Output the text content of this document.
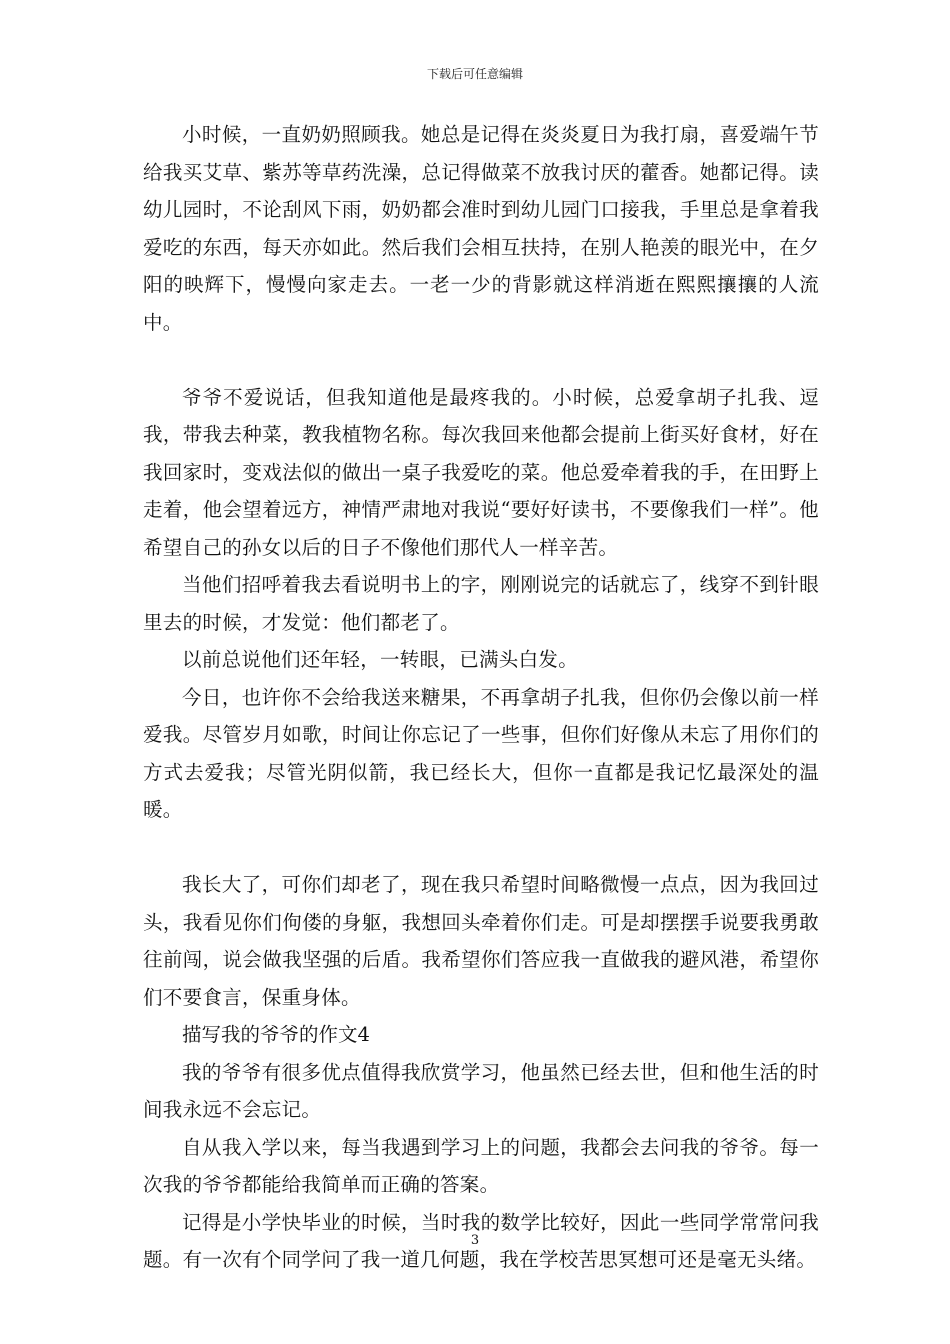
下载后可任意编辑

小时候，一直奶奶照顾我。她总是记得在炎炎夏日为我打扇，喜爱端午节给我买艾草、紫苏等草药洗澡，总记得做菜不放我讨厌的藿香。她都记得。读幼儿园时，不论刮风下雨，奶奶都会准时到幼儿园门口接我，手里总是拿着我爱吃的东西，每天亦如此。然后我们会相互扶持，在别人艳羡的眼光中，在夕阳的映辉下，慢慢向家走去。一老一少的背影就这样消逝在熙熙攘攘的人流中。

爷爷不爱说话，但我知道他是最疼我的。小时候，总爱拿胡子扎我、逗我，带我去种菜，教我植物名称。每次我回来他都会提前上街买好食材，好在我回家时，变戏法似的做出一桌子我爱吃的菜。他总爱牵着我的手，在田野上走着，他会望着远方，神情严肃地对我说“要好好读书，不要像我们一样”。他希望自己的孙女以后的日子不像他们那代人一样辛苦。

当他们招呼着我去看说明书上的字，刚刚说完的话就忘了，线穿不到针眼里去的时候，才发觉：他们都老了。

以前总说他们还年轻，一转眼，已满头白发。

今日，也许你不会给我送来糖果，不再拿胡子扎我，但你仍会像以前一样爱我。尽管岁月如歌，时间让你忘记了一些事，但你们好像从未忘了用你们的方式去爱我；尽管光阴似箭，我已经长大，但你一直都是我记忆最深处的温暖。

我长大了，可你们却老了，现在我只希望时间略微慢一点点，因为我回过头，我看见你们佝偻的身躯，我想回头牵着你们走。可是却摆摆手说要我勇敢往前闯，说会做我坚强的后盾。我希望你们答应我一直做我的避风港，希望你们不要食言，保重身体。

描写我的爷爷的作文4

我的爷爷有很多优点值得我欣赏学习，他虽然已经去世，但和他生活的时间我永远不会忘记。

自从我入学以来，每当我遇到学习上的问题，我都会去问我的爷爷。每一次我的爷爷都能给我简单而正确的答案。

记得是小学快毕业的时候，当时我的数学比较好，因此一些同学常常问我题。有一次有个同学问了我一道几何题，我在学校苦思冥想可还是毫无头绪。

3
